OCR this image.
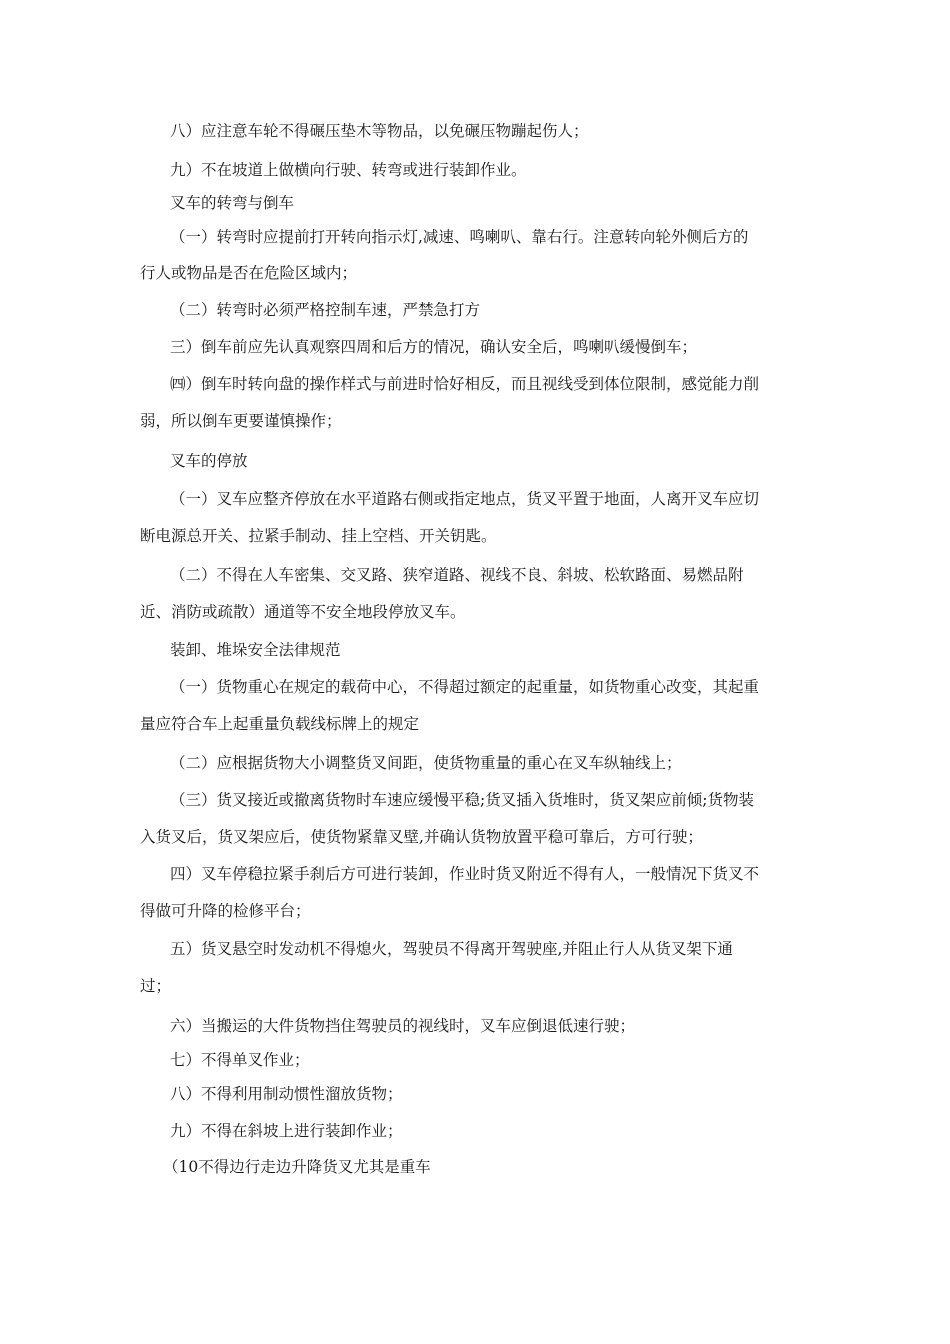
八）应注意车轮不得碾压垫木等物品，以免碾压物蹦起伤人；
九）不在坡道上做横向行驶、转弯或进行装卸作业。
叉车的转弯与倒车
（一）转弯时应提前打开转向指示灯,减速、鸣喇叭、靠右行。注意转向轮外侧后方的
行人或物品是否在危险区域内；
（二）转弯时必须严格控制车速，严禁急打方
三）倒车前应先认真观察四周和后方的情况，确认安全后，鸣喇叭缓慢倒车；
㈣）倒车时转向盘的操作样式与前进时恰好相反，而且视线受到体位限制，感觉能力削
弱，所以倒车更要谨慎操作；
叉车的停放
（一）叉车应整齐停放在水平道路右侧或指定地点，货叉平置于地面，人离开叉车应切
断电源总开关、拉紧手制动、挂上空档、开关钥匙。
（二）不得在人车密集、交叉路、狭窄道路、视线不良、斜坡、松软路面、易燃品附
近、消防或疏散）通道等不安全地段停放叉车。
装卸、堆垛安全法律规范
（一）货物重心在规定的载荷中心，不得超过额定的起重量，如货物重心改变，其起重
量应符合车上起重量负载线标牌上的规定
（二）应根据货物大小调整货叉间距，使货物重量的重心在叉车纵轴线上；
（三）货叉接近或撤离货物时车速应缓慢平稳;货叉插入货堆时，货叉架应前倾;货物装
入货叉后，货叉架应后，使货物紧靠叉壁,并确认货物放置平稳可靠后，方可行驶；
四）叉车停稳拉紧手刹后方可进行装卸，作业时货叉附近不得有人，一般情况下货叉不
得做可升降的检修平台；
五）货叉悬空时发动机不得熄火，驾驶员不得离开驾驶座,并阻止行人从货叉架下通
过；
六）当搬运的大件货物挡住驾驶员的视线时，叉车应倒退低速行驶；
七）不得单叉作业；
八）不得利用制动惯性溜放货物；
九）不得在斜坡上进行装卸作业；
（10不得边行走边升降货叉尤其是重车
